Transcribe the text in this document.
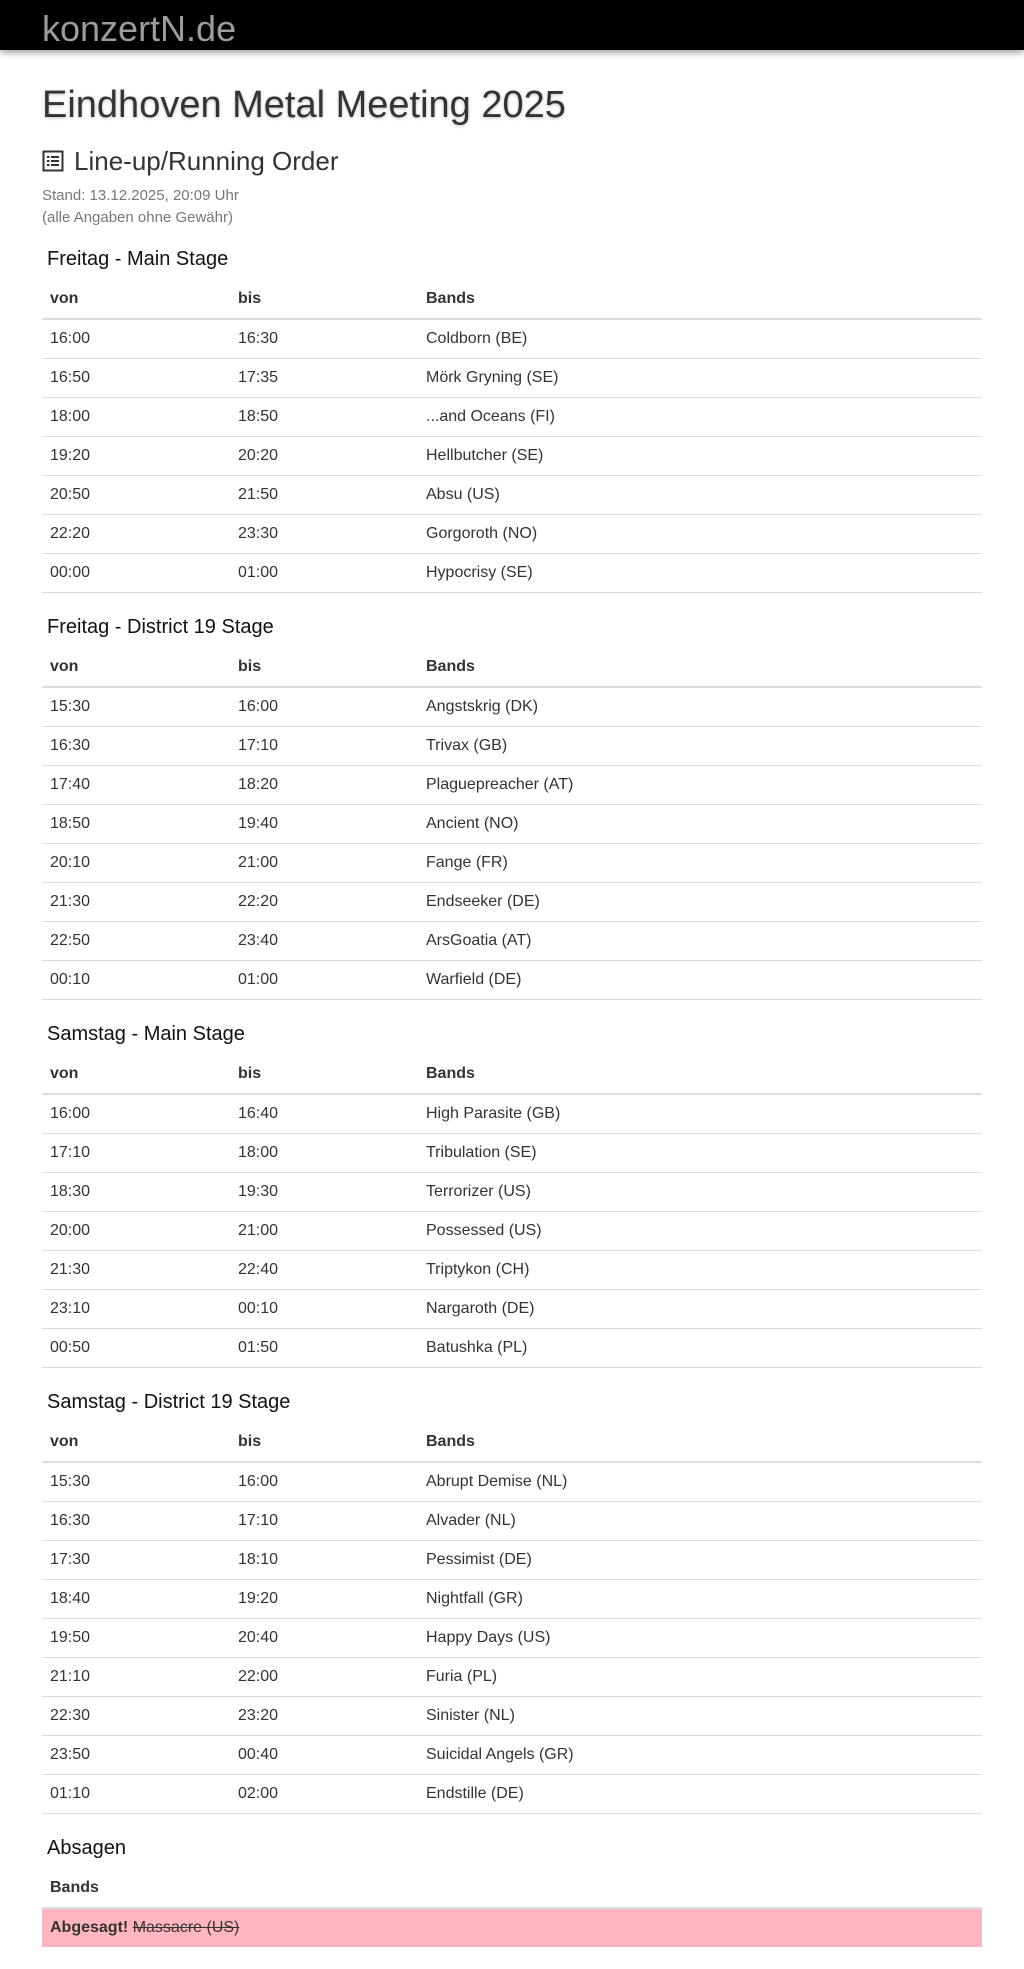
konzertN.de
Eindhoven Metal Meeting 2025
Line-up/Running Order
Stand: 13.12.2025, 20:09 Uhr
(alle Angaben ohne Gewähr)
Freitag - Main Stage
von	bis	Bands
16:00	16:30	Coldborn (BE)
16:50	17:35	Mörk Gryning (SE)
18:00	18:50	...and Oceans (FI)
19:20	20:20	Hellbutcher (SE)
20:50	21:50	Absu (US)
22:20	23:30	Gorgoroth (NO)
00:00	01:00	Hypocrisy (SE)
Freitag - District 19 Stage
von	bis	Bands
15:30	16:00	Angstskrig (DK)
16:30	17:10	Trivax (GB)
17:40	18:20	Plaguepreacher (AT)
18:50	19:40	Ancient (NO)
20:10	21:00	Fange (FR)
21:30	22:20	Endseeker (DE)
22:50	23:40	ArsGoatia (AT)
00:10	01:00	Warfield (DE)
Samstag - Main Stage
von	bis	Bands
16:00	16:40	High Parasite (GB)
17:10	18:00	Tribulation (SE)
18:30	19:30	Terrorizer (US)
20:00	21:00	Possessed (US)
21:30	22:40	Triptykon (CH)
23:10	00:10	Nargaroth (DE)
00:50	01:50	Batushka (PL)
Samstag - District 19 Stage
von	bis	Bands
15:30	16:00	Abrupt Demise (NL)
16:30	17:10	Alvader (NL)
17:30	18:10	Pessimist (DE)
18:40	19:20	Nightfall (GR)
19:50	20:40	Happy Days (US)
21:10	22:00	Furia (PL)
22:30	23:20	Sinister (NL)
23:50	00:40	Suicidal Angels (GR)
01:10	02:00	Endstille (DE)
Absagen
Bands
Abgesagt! Massacre (US)
